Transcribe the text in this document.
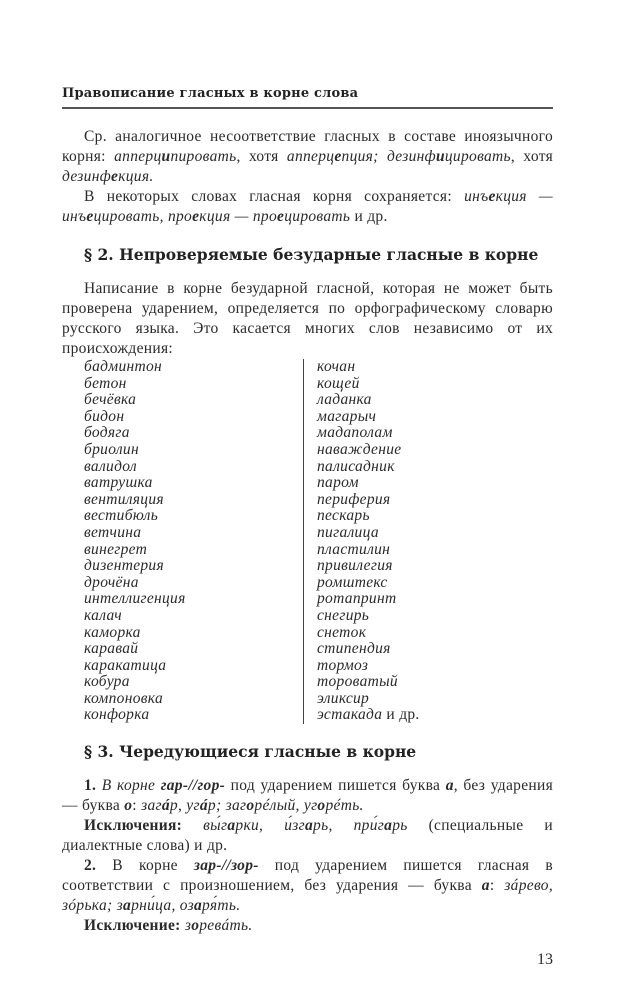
Правописание гласных в корне слова

Ср. аналогичное несоответствие гласных в составе иноязычного корня: апперципировать, хотя апперцепция; дезинфицировать, хотя дезинфекция.

В некоторых словах гласная корня сохраняется: инъекция — инъецировать, проекция — проецировать и др.

§ 2. Непроверяемые безударные гласные в корне

Написание в корне безударной гласной, которая не может быть проверена ударением, определяется по орфографическому словарю русского языка. Это касается многих слов независимо от их происхождения:

бадминтон
бетон
бечёвка
бидон
бодяга
бриолин
валидол
ватрушка
вентиляция
вестибюль
ветчина
винегрет
дизентерия
дрочёна
интеллигенция
калач
каморка
каравай
каракатица
кобура
компоновка
конфорка
кочан
кощей
ладанка
магарыч
мадаполам
наваждение
палисадник
паром
периферия
пескарь
пигалица
пластилин
привилегия
ромштекс
ротапринт
снегирь
снеток
стипендия
тормоз
торoватый
эликсир
эстакада и др.
§ 3. Чередующиеся гласные в корне

1. В корне гар-//гор- под ударением пишется буква а, без ударения — буква о: загáр, угáр; загорéлый, угорéть.

Исключения: вы́гарки, и́згарь, при́гарь (специальные и диалектные слова) и др.

2. В корне зар-//зор- под ударением пишется гласная в соответствии с произношением, без ударения — буква а: зáрево, зóрька; зарни́ца, озаря́ть.

Исключение: зоревáть.

13
